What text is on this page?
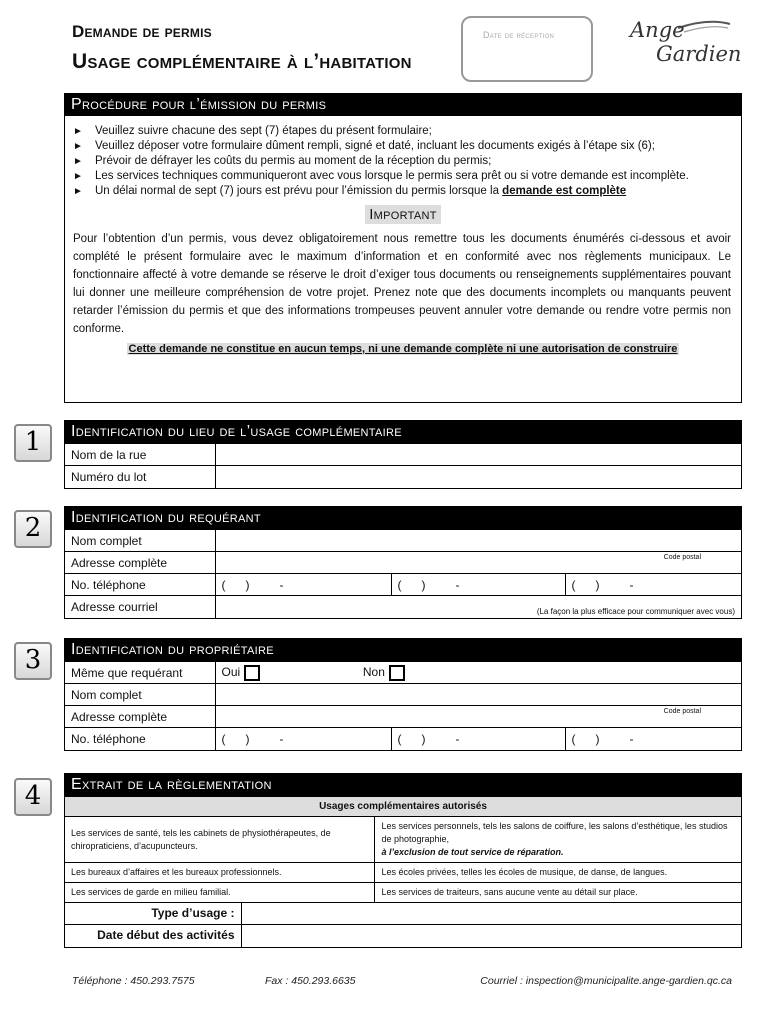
Demande de permis
Usage complémentaire à l’habitation
Date de réception	Ange
Gardien
Procédure pour l’émission du permis
► Veuillez suivre chacune des sept (7) étapes du présent formulaire;
► Veuillez déposer votre formulaire dûment rempli, signé et daté, incluant les documents exigés à l’étape six (6);
► Prévoir de défrayer les coûts du permis au moment de la réception du permis;
► Les services techniques communiqueront avec vous lorsque le permis sera prêt ou si votre demande est incomplète.
► Un délai normal de sept (7) jours est prévu pour l’émission du permis lorsque la demande est complète
Important
Pour l’obtention d’un permis, vous devez obligatoirement nous remettre tous les documents énumérés ci-dessous et avoir complété le présent formulaire avec le maximum d’information et en conformité avec nos règlements municipaux. Le fonctionnaire affecté à votre demande se réserve le droit d’exiger tous documents ou renseignements supplémentaires pouvant lui donner une meilleure compréhension de votre projet. Prenez note que des documents incomplets ou manquants peuvent retarder l’émission du permis et que des informations trompeuses peuvent annuler votre demande ou rendre votre permis non conforme.
Cette demande ne constitue en aucun temps, ni une demande complète ni une autorisation de construire
1	Identification du lieu de l’usage complémentaire
Nom de la rue	
Numéro du lot	
2	Identification du requérant
Nom complet			
Adresse complète	Code postal		

No. téléphone	(      )         -	(      )         -	(      )         -
Adresse courriel	(La façon la plus efficace pour communiquer avec vous)		
3	Identification du propriétaire
Même que requérant	Oui Non		
Nom complet			
Adresse complète	Code postal		

No. téléphone	(      )         -	(      )         -	(      )         -
4	Extrait de la règlementation
Usages complémentaires autorisés		
Les services de santé, tels les cabinets de physiothérapeutes, de chiropraticiens, d’acupuncteurs.		Les services personnels, tels les salons de coiffure, les salons d’esthétique, les studios de photographie,
à l’exclusion de tout service de réparation.
Les bureaux d’affaires et les bureaux professionnels.		Les écoles privées, telles les écoles de musique, de danse, de langues.
Les services de garde en milieu familial.		Les services de traiteurs, sans aucune vente au détail sur place.
Type d’usage :		
Date début des activités		
Téléphone : 450.293.7575	Fax : 450.293.6635	Courriel : inspection@municipalite.ange-gardien.qc.ca
